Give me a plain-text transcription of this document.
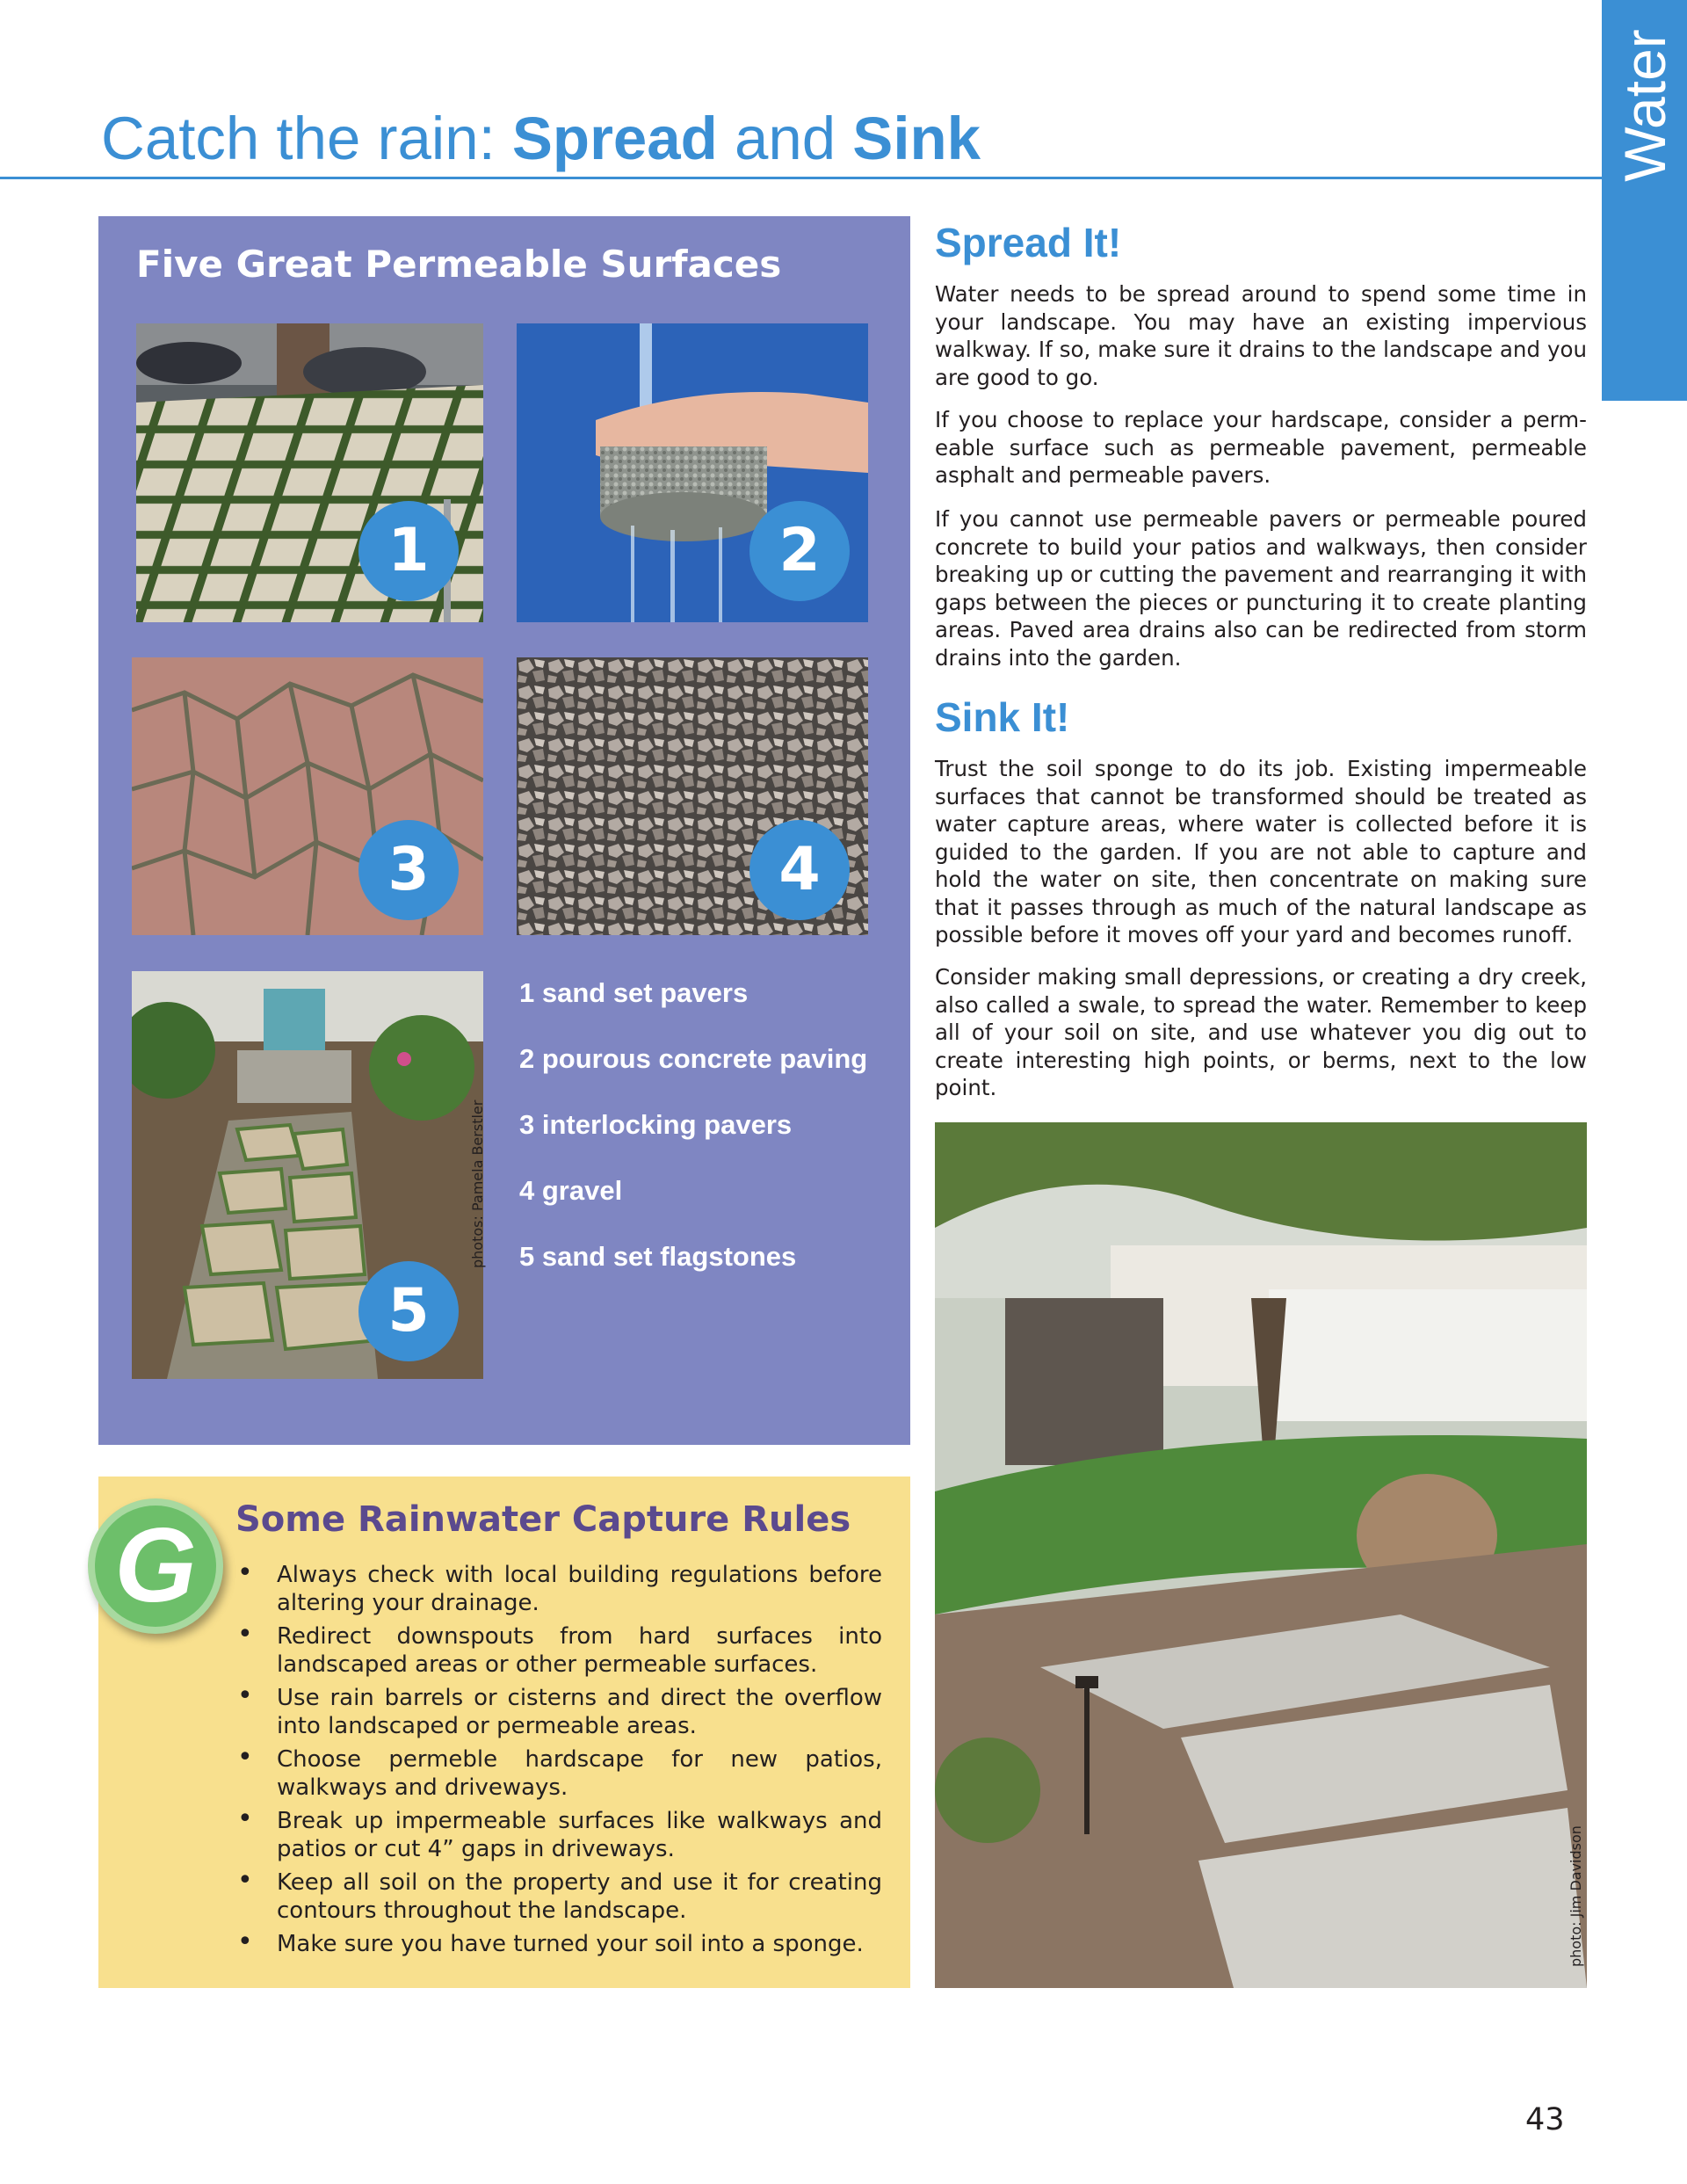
Water
Catch the rain: Spread and Sink
Five Great Permeable Surfaces
1	2
3	4
5
photos: Pamela Berstler
1 sand set pavers
2 pourous concrete paving
3 interlocking pavers
4 gravel
5 sand set flagstones
Spread It!

Water needs to be spread around to spend some time in your landscape. You may have an existing impervious walkway. If so, make sure it drains to the landscape and you are good to go.

If you choose to replace your hardscape, consider a permeable surface such as permeable pavement, permeable asphalt and permeable pavers.

If you cannot use permeable pavers or permeable poured concrete to build your patios and walkways, then consider breaking up or cutting the pavement and rearranging it with gaps between the pieces or puncturing it to create planting areas. Paved area drains also can be redirected from storm drains into the garden.

Sink It!

Trust the soil sponge to do its job. Existing impermeable surfaces that cannot be transformed should be treated as water capture areas, where water is collected before it is guided to the garden. If you are not able to capture and hold the water on site, then concentrate on making sure that it passes through as much of the natural landscape as possible before it moves off your yard and becomes runoff.

Consider making small depressions, or creating a dry creek, also called a swale, to spread the water. Remember to keep all of your soil on site, and use whatever you dig out to create interesting high points, or berms, next to the low point.

photo: Jim Davidson
G	Some Rainwater Capture Rules
• Always check with local building regulations before altering your drainage.
• Redirect downspouts from hard surfaces into landscaped areas or other permeable surfaces.
• Use rain barrels or cisterns and direct the overflow into landscaped or permeable areas.
• Choose permeble hardscape for new patios, walkways and driveways.
• Break up impermeable surfaces like walkways and patios or cut 4” gaps in driveways.
• Keep all soil on the property and use it for creating contours throughout the landscape.
• Make sure you have turned your soil into a sponge.
43
